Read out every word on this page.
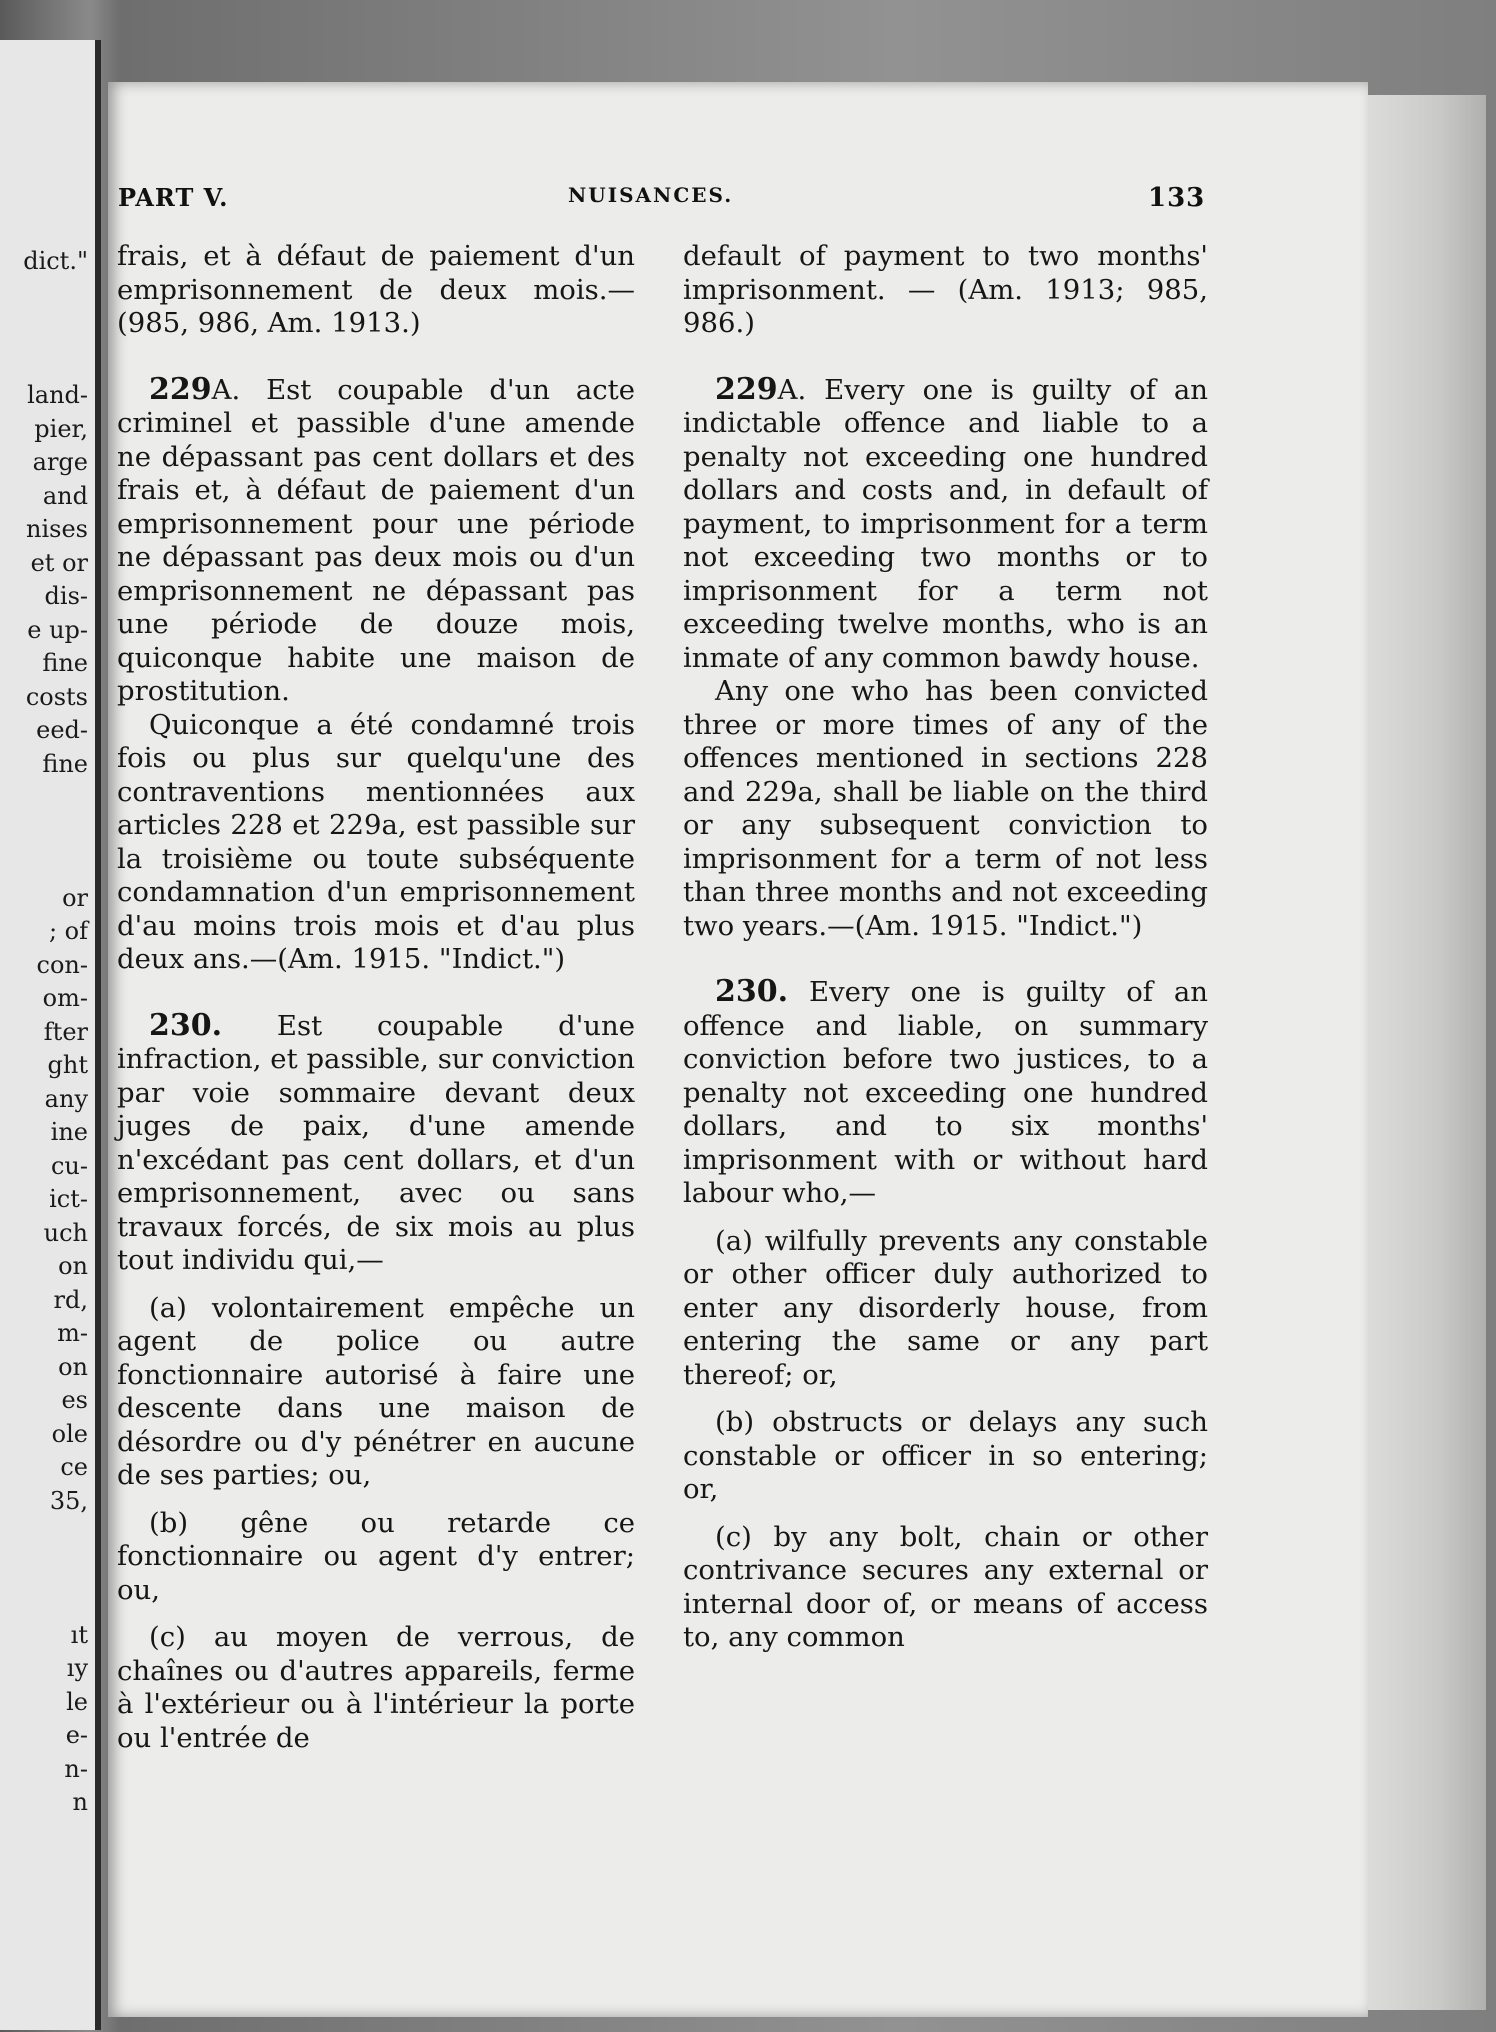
dict."
land-
pier,
arge
and
nises
et or
dis-
e up-
fine
costs
eed-
fine
or
; of
con-
om-
fter
ght
any
ine
cu-
ict-
uch
on
rd,
m-
on
es
ole
ce
35,
ıt
ıy
le
e-
n-
n
PART V.	NUISANCES.	133

frais, et à défaut de paiement d'un emprisonnement de deux mois.—(985, 986, Am. 1913.)

229A. Est coupable d'un acte criminel et passible d'une amende ne dépassant pas cent dollars et des frais et, à défaut de paiement d'un emprisonnement pour une période ne dépassant pas deux mois ou d'un emprisonnement ne dépassant pas une période de douze mois, quiconque habite une maison de prostitution.

Quiconque a été condamné trois fois ou plus sur quelqu'une des contraventions mentionnées aux articles 228 et 229a, est passible sur la troisième ou toute subséquente condamnation d'un emprisonnement d'au moins trois mois et d'au plus deux ans.—(Am. 1915. "Indict.")

230. Est coupable d'une infraction, et passible, sur conviction par voie sommaire devant deux juges de paix, d'une amende n'excédant pas cent dollars, et d'un emprisonnement, avec ou sans travaux forcés, de six mois au plus tout individu qui,—

(a) volontairement empêche un agent de police ou autre fonctionnaire autorisé à faire une descente dans une maison de désordre ou d'y pénétrer en aucune de ses parties; ou,

(b) gêne ou retarde ce fonctionnaire ou agent d'y entrer; ou,

(c) au moyen de verrous, de chaînes ou d'autres appareils, ferme à l'extérieur ou à l'intérieur la porte ou l'entrée de

default of payment to two months' imprisonment. — (Am. 1913; 985, 986.)

229A. Every one is guilty of an indictable offence and liable to a penalty not exceeding one hundred dollars and costs and, in default of payment, to imprisonment for a term not exceeding two months or to imprisonment for a term not exceeding twelve months, who is an inmate of any common bawdy house.

Any one who has been convicted three or more times of any of the offences mentioned in sections 228 and 229a, shall be liable on the third or any subsequent conviction to imprisonment for a term of not less than three months and not exceeding two years.—(Am. 1915. "Indict.")

230. Every one is guilty of an offence and liable, on summary conviction before two justices, to a penalty not exceeding one hundred dollars, and to six months' imprisonment with or without hard labour who,—

(a) wilfully prevents any constable or other officer duly authorized to enter any disorderly house, from entering the same or any part thereof; or,

(b) obstructs or delays any such constable or officer in so entering; or,

(c) by any bolt, chain or other contrivance secures any external or internal door of, or means of access to, any common
